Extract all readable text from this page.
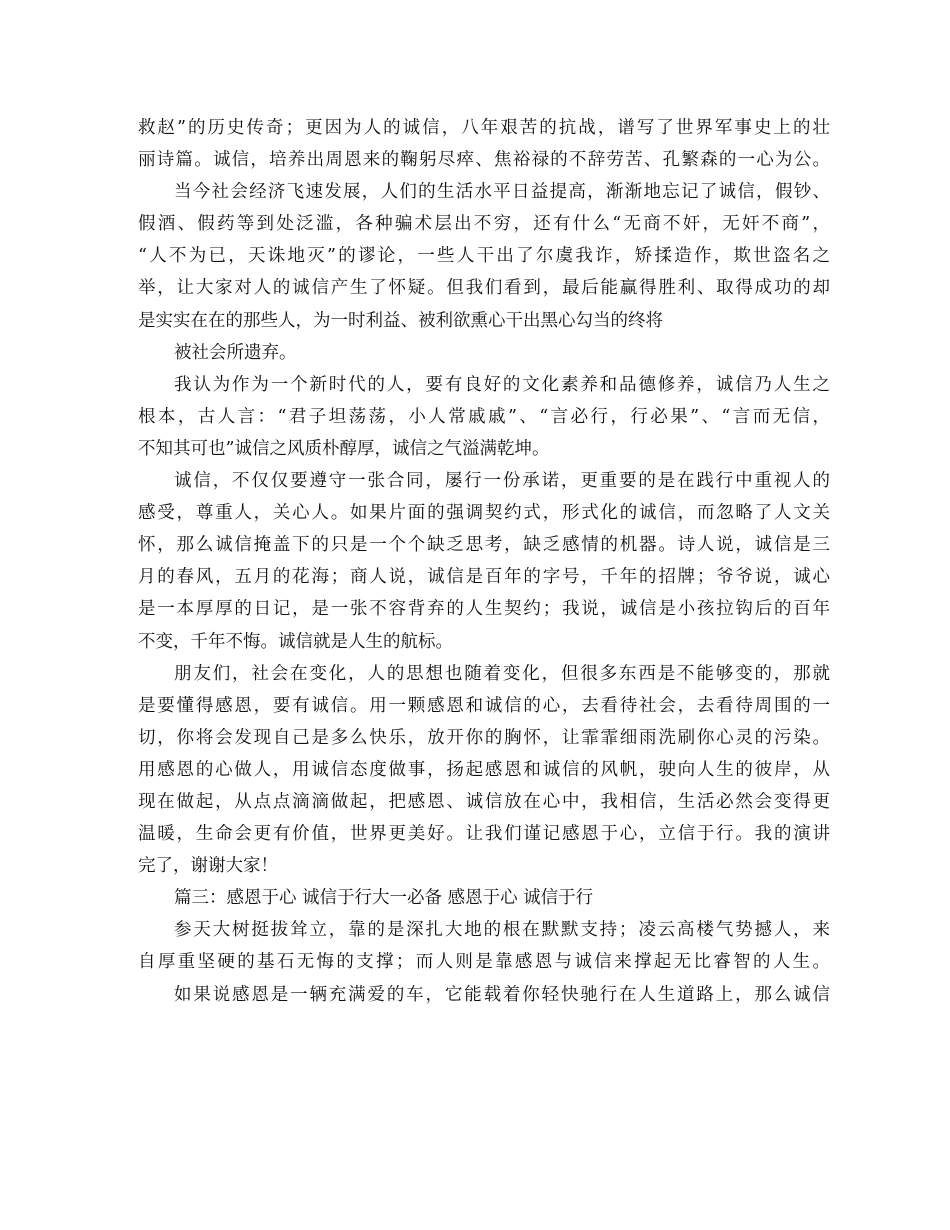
救赵”的历史传奇；更因为人的诚信，八年艰苦的抗战，谱写了世界军事史上的壮
丽诗篇。诚信，培养出周恩来的鞠躬尽瘁、焦裕禄的不辞劳苦、孔繁森的一心为公。
当今社会经济飞速发展，人们的生活水平日益提高，渐渐地忘记了诚信，假钞、
假酒、假药等到处泛滥，各种骗术层出不穷，还有什么“无商不奸，无奸不商”，
“人不为已，天诛地灭”的谬论，一些人干出了尔虞我诈，矫揉造作，欺世盗名之
举，让大家对人的诚信产生了怀疑。但我们看到，最后能赢得胜利、取得成功的却
是实实在在的那些人，为一时利益、被利欲熏心干出黑心勾当的终将
被社会所遗弃。
我认为作为一个新时代的人，要有良好的文化素养和品德修养，诚信乃人生之
根本，古人言：“君子坦荡荡，小人常戚戚”、“言必行，行必果”、“言而无信，
不知其可也”诚信之风质朴醇厚，诚信之气溢满乾坤。
诚信，不仅仅要遵守一张合同，屡行一份承诺，更重要的是在践行中重视人的
感受，尊重人，关心人。如果片面的强调契约式，形式化的诚信，而忽略了人文关
怀，那么诚信掩盖下的只是一个个缺乏思考，缺乏感情的机器。诗人说，诚信是三
月的春风，五月的花海；商人说，诚信是百年的字号，千年的招牌；爷爷说，诚心
是一本厚厚的日记，是一张不容背弃的人生契约；我说，诚信是小孩拉钩后的百年
不变，千年不悔。诚信就是人生的航标。
朋友们，社会在变化，人的思想也随着变化，但很多东西是不能够变的，那就
是要懂得感恩，要有诚信。用一颗感恩和诚信的心，去看待社会，去看待周围的一
切，你将会发现自己是多么快乐，放开你的胸怀，让霏霏细雨洗刷你心灵的污染。
用感恩的心做人，用诚信态度做事，扬起感恩和诚信的风帆，驶向人生的彼岸，从
现在做起，从点点滴滴做起，把感恩、诚信放在心中，我相信，生活必然会变得更
温暖，生命会更有价值，世界更美好。让我们谨记感恩于心，立信于行。我的演讲
完了，谢谢大家！
篇三：感恩于心 诚信于行大一必备 感恩于心 诚信于行
参天大树挺拔耸立，靠的是深扎大地的根在默默支持；凌云高楼气势撼人，来
自厚重坚硬的基石无悔的支撑；而人则是靠感恩与诚信来撑起无比睿智的人生。
如果说感恩是一辆充满爱的车，它能载着你轻快驰行在人生道路上，那么诚信
